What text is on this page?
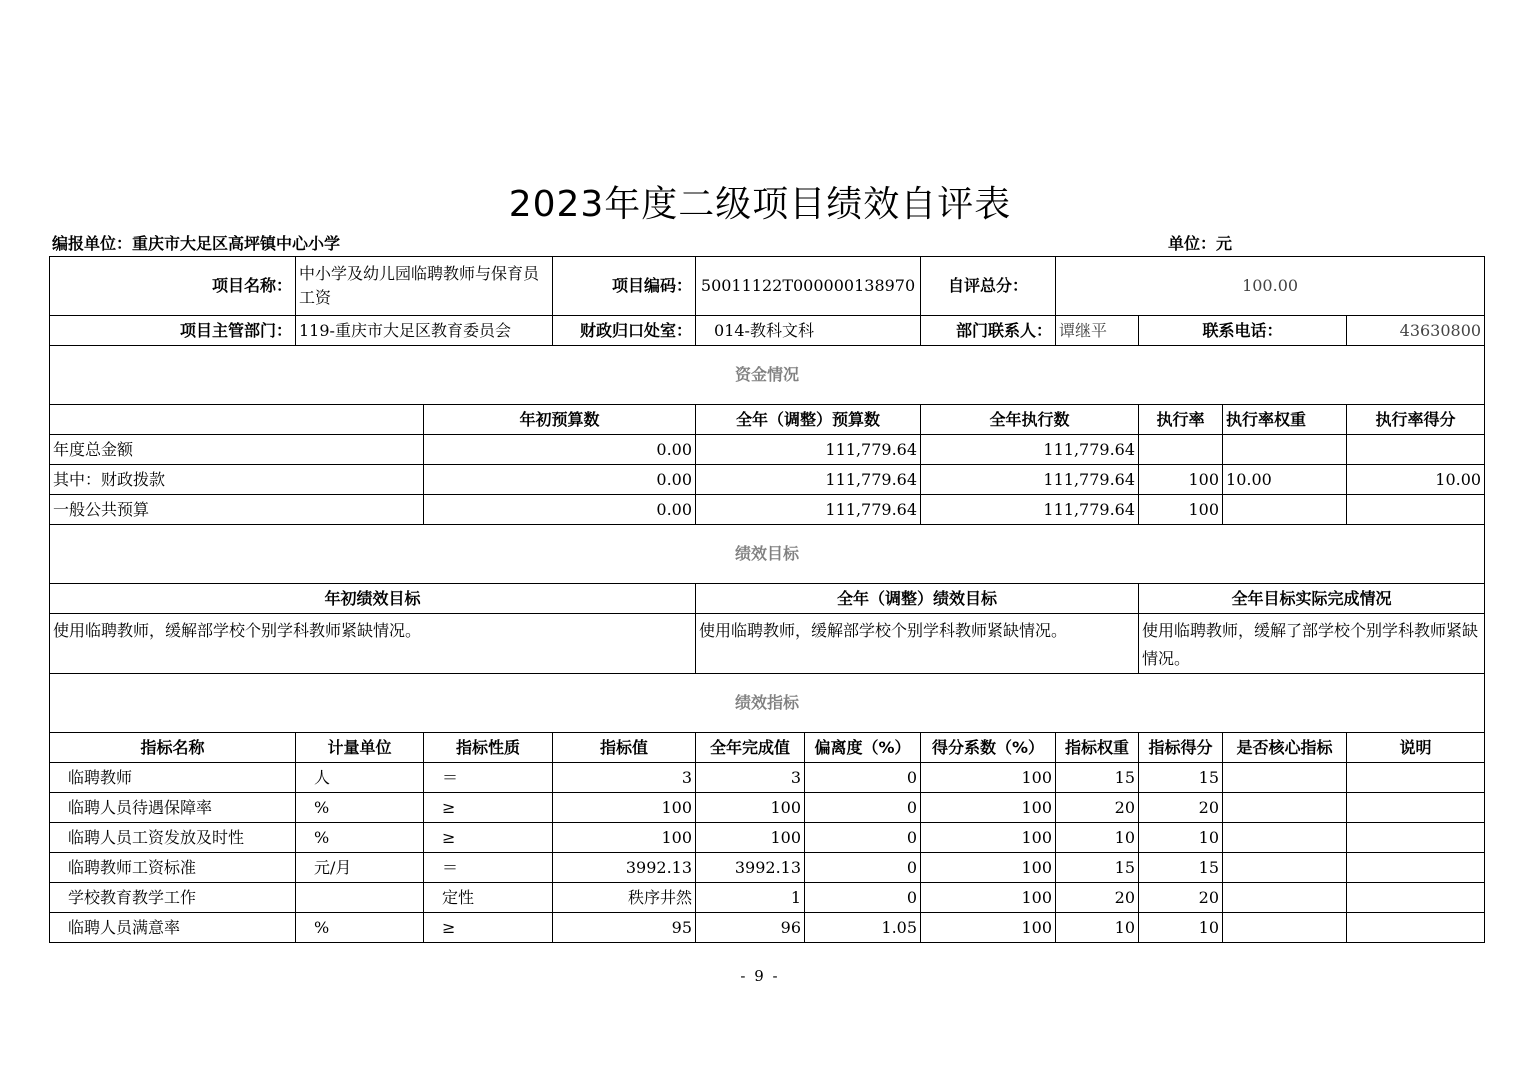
2023年度二级项目绩效自评表
编报单位：重庆市大足区高坪镇中心小学	单位：元
项目名称：	中小学及幼儿园临聘教师与保育员工资		项目编码：	50011122T000000138970		自评总分：	100.00			
项目主管部门：	119-重庆市大足区教育委员会		财政归口处室：	014-教科文科		部门联系人：	谭继平	联系电话：		43630800
资金情况										
		年初预算数		全年（调整）预算数		全年执行数		执行率	执行率权重	执行率得分
年度总金额		0.00		111,779.64		111,779.64				
其中：财政拨款		0.00		111,779.64		111,779.64		100	10.00	10.00
一般公共预算		0.00		111,779.64		111,779.64		100		
绩效目标										
年初绩效目标				全年（调整）绩效目标				全年目标实际完成情况		
使用临聘教师，缓解部学校个别学科教师紧缺情况。				使用临聘教师，缓解部学校个别学科教师紧缺情况。				使用临聘教师，缓解了部学校个别学科教师紧缺情况。		
绩效指标										
指标名称	计量单位	指标性质	指标值	全年完成值	偏离度（%）	得分系数（%）	指标权重	指标得分	是否核心指标	说明
临聘教师	人	＝	3	3	0	100	15	15		
临聘人员待遇保障率	%	≥	100	100	0	100	20	20		
临聘人员工资发放及时性	%	≥	100	100	0	100	10	10		
临聘教师工资标准	元/月	＝	3992.13	3992.13	0	100	15	15		
学校教育教学工作		定性	秩序井然	1	0	100	20	20		
临聘人员满意率	%	≥	95	96	1.05	100	10	10		
- 9 -
